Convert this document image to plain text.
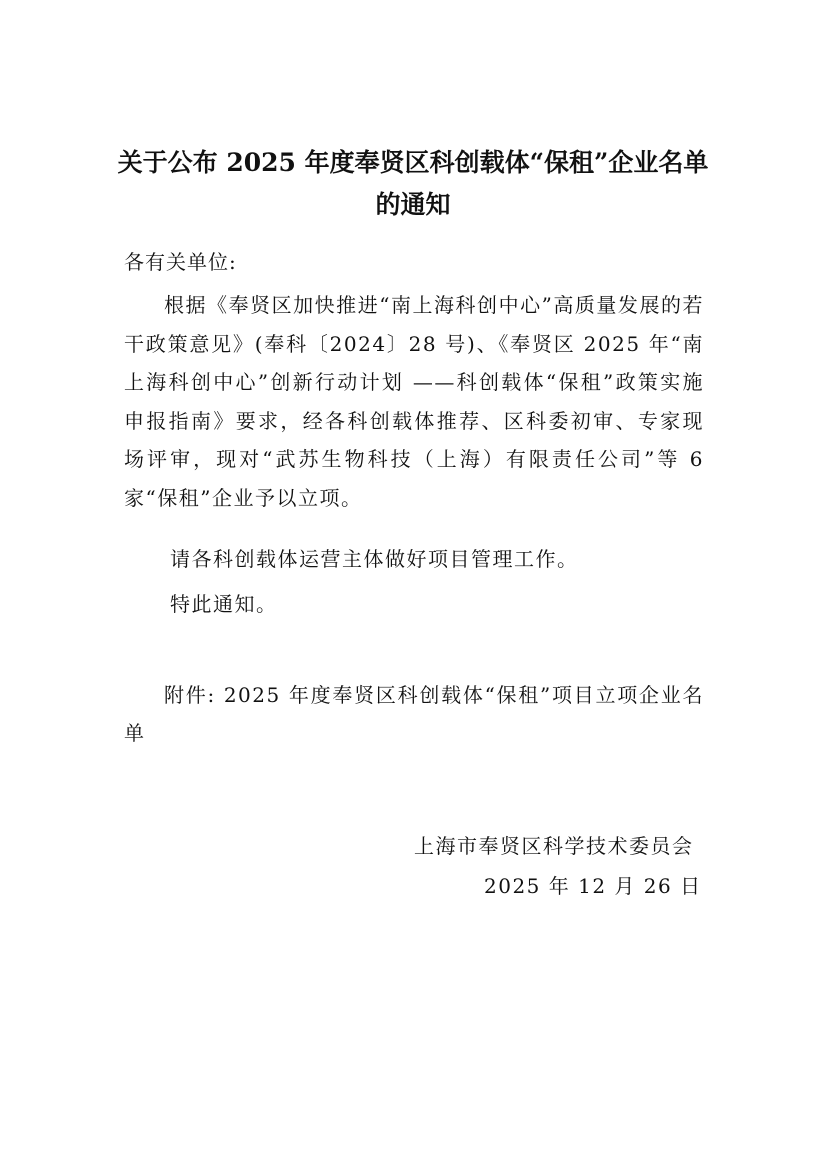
关于公布 2025 年度奉贤区科创载体“保租”企业名单
的通知
各有关单位:
根据《奉贤区加快推进“南上海科创中心”高质量发展的若干政策意见》(奉科〔2024〕28 号)、《奉贤区 2025 年“南上海科创中心”创新行动计划 ——科创载体“保租”政策实施申报指南》要求，经各科创载体推荐、区科委初审、专家现场评审，现对“武苏生物科技（上海）有限责任公司”等 6 家“保租”企业予以立项。
请各科创载体运营主体做好项目管理工作。
特此通知。
附件: 2025 年度奉贤区科创载体“保租”项目立项企业名单
上海市奉贤区科学技术委员会
2025 年 12 月 26 日
